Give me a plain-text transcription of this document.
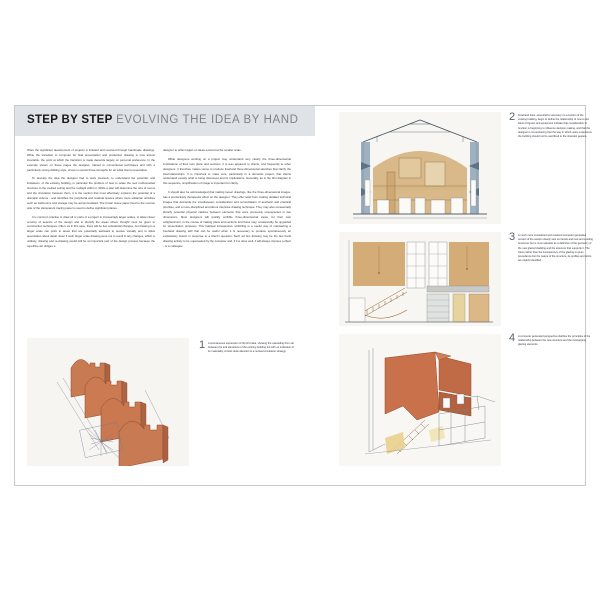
STEP BY STEP EVOLVING THE IDEA BY HAND

Often the significant development of projects is initiated and resolved through handmade drawings. While the transition to computer for final presentation and production drawing is now almost inevitable, the point at which the transition is made depends largely on personal preference. In the example shown on these pages the designer, trained in conventional techniques and with a particularly strong drafting style, chose to exploit those strengths for an initial client presentation.

To develop the idea the designer had to work precisely, to understand the potential, and limitations, of the existing building, in particular the problem of how to relate the new multi-levelled structure to the vaulted ceiling and the rooflight within it. While a plan will determine the size of rooms and the circulation between them, it is the section that most effectively explores the potential of a dramatic volume - and identifies the peripheral and residual spaces where more utilitarian activities such as bathrooms and storage may be accommodated. The brown tissue paper fixed to the reverse side of the transparent tracing paper is used to define significant planes.

It is common practice to draw all or parts of a project to increasingly larger scales, to allow closer scrutiny of aspects of the design and to identify the areas where thought must be given to construction techniques. Often, as in this case, there will be few substantial changes, but drawing to a larger scale can point to areas that are potentially awkward to resolve visually and to allow speculation about detail. Even if such larger scale drawing were not to result in any changes, which is unlikely, drawing and re-drawing would still be an important part of the design process because the repetitive act obliges a

designer to reflect again on ideas evolved at the smaller scale.

While designers working on a project may understand very clearly the three-dimensional implications of their own plans and sections, it is less apparent to clients, and frequently to other designers. It therefore makes sense to produce freehand three-dimensional sketches that clarify the interrelationships. It is important to make sure, particularly in a domestic project, that clients understand exactly what is being discussed and its implications. Generally, as in the first diagram in this sequence, simplification of image is important for clarity.

It should also be acknowledged that making looser drawings, like the three-dimensional images, has a productively therapeutic effect on the designer. They offer relief from making detailed technical images that demands the simultaneous consideration and reconciliation of aesthetic and practical priorities, and a more disciplined and labour intensive drawing technique. They may also occasionally identify potential physical clashes between elements that were previously unsuspected in two dimensions. Most designers will quickly scribble three-dimensional views, for their own enlightenment, in the course of making plans and sections and these may, occasionally, be upgraded for presentation purposes. This habitual introspective scribbling is a useful way of maintaining a freehand drawing skill that can be useful when it is necessary to produce spontaneously an explanatory sketch in response to a client's question. Such ad hoc drawing may be the last hand drawing activity to be superseded by the computer and, if it is done well, it will always impress a client - or a colleague.

1 A spontaneous expression of the first idea, showing the cascading form set between the end elevations of the existing building but with no indication of its materiality. Arrows draw attention to a revised circulation strategy.
2 Freehand lines, essential for accuracy on a section of the existing building, begin to define the relationship of new to old. Hints of figures and equipment indicate that consideration of function is beginning to influence decision making, and that the designer is remembering that the way in which users experience the building should not be sacrificed to the dramatic gesture.
3 A much more considered and resolved computer generated version of the section clearly sets out levels and new and existing structures but is most valuable as a definition of the geometry of the new glazed cladding and the structure that supports it. The frame rather than the transparency of the glazing is given precedence but the nature of the structure, its profiles and joints are clearly identified.
4 A computer generated perspective clarifies the principles of the relationship between the new structure and the overlapping glazing elements.
